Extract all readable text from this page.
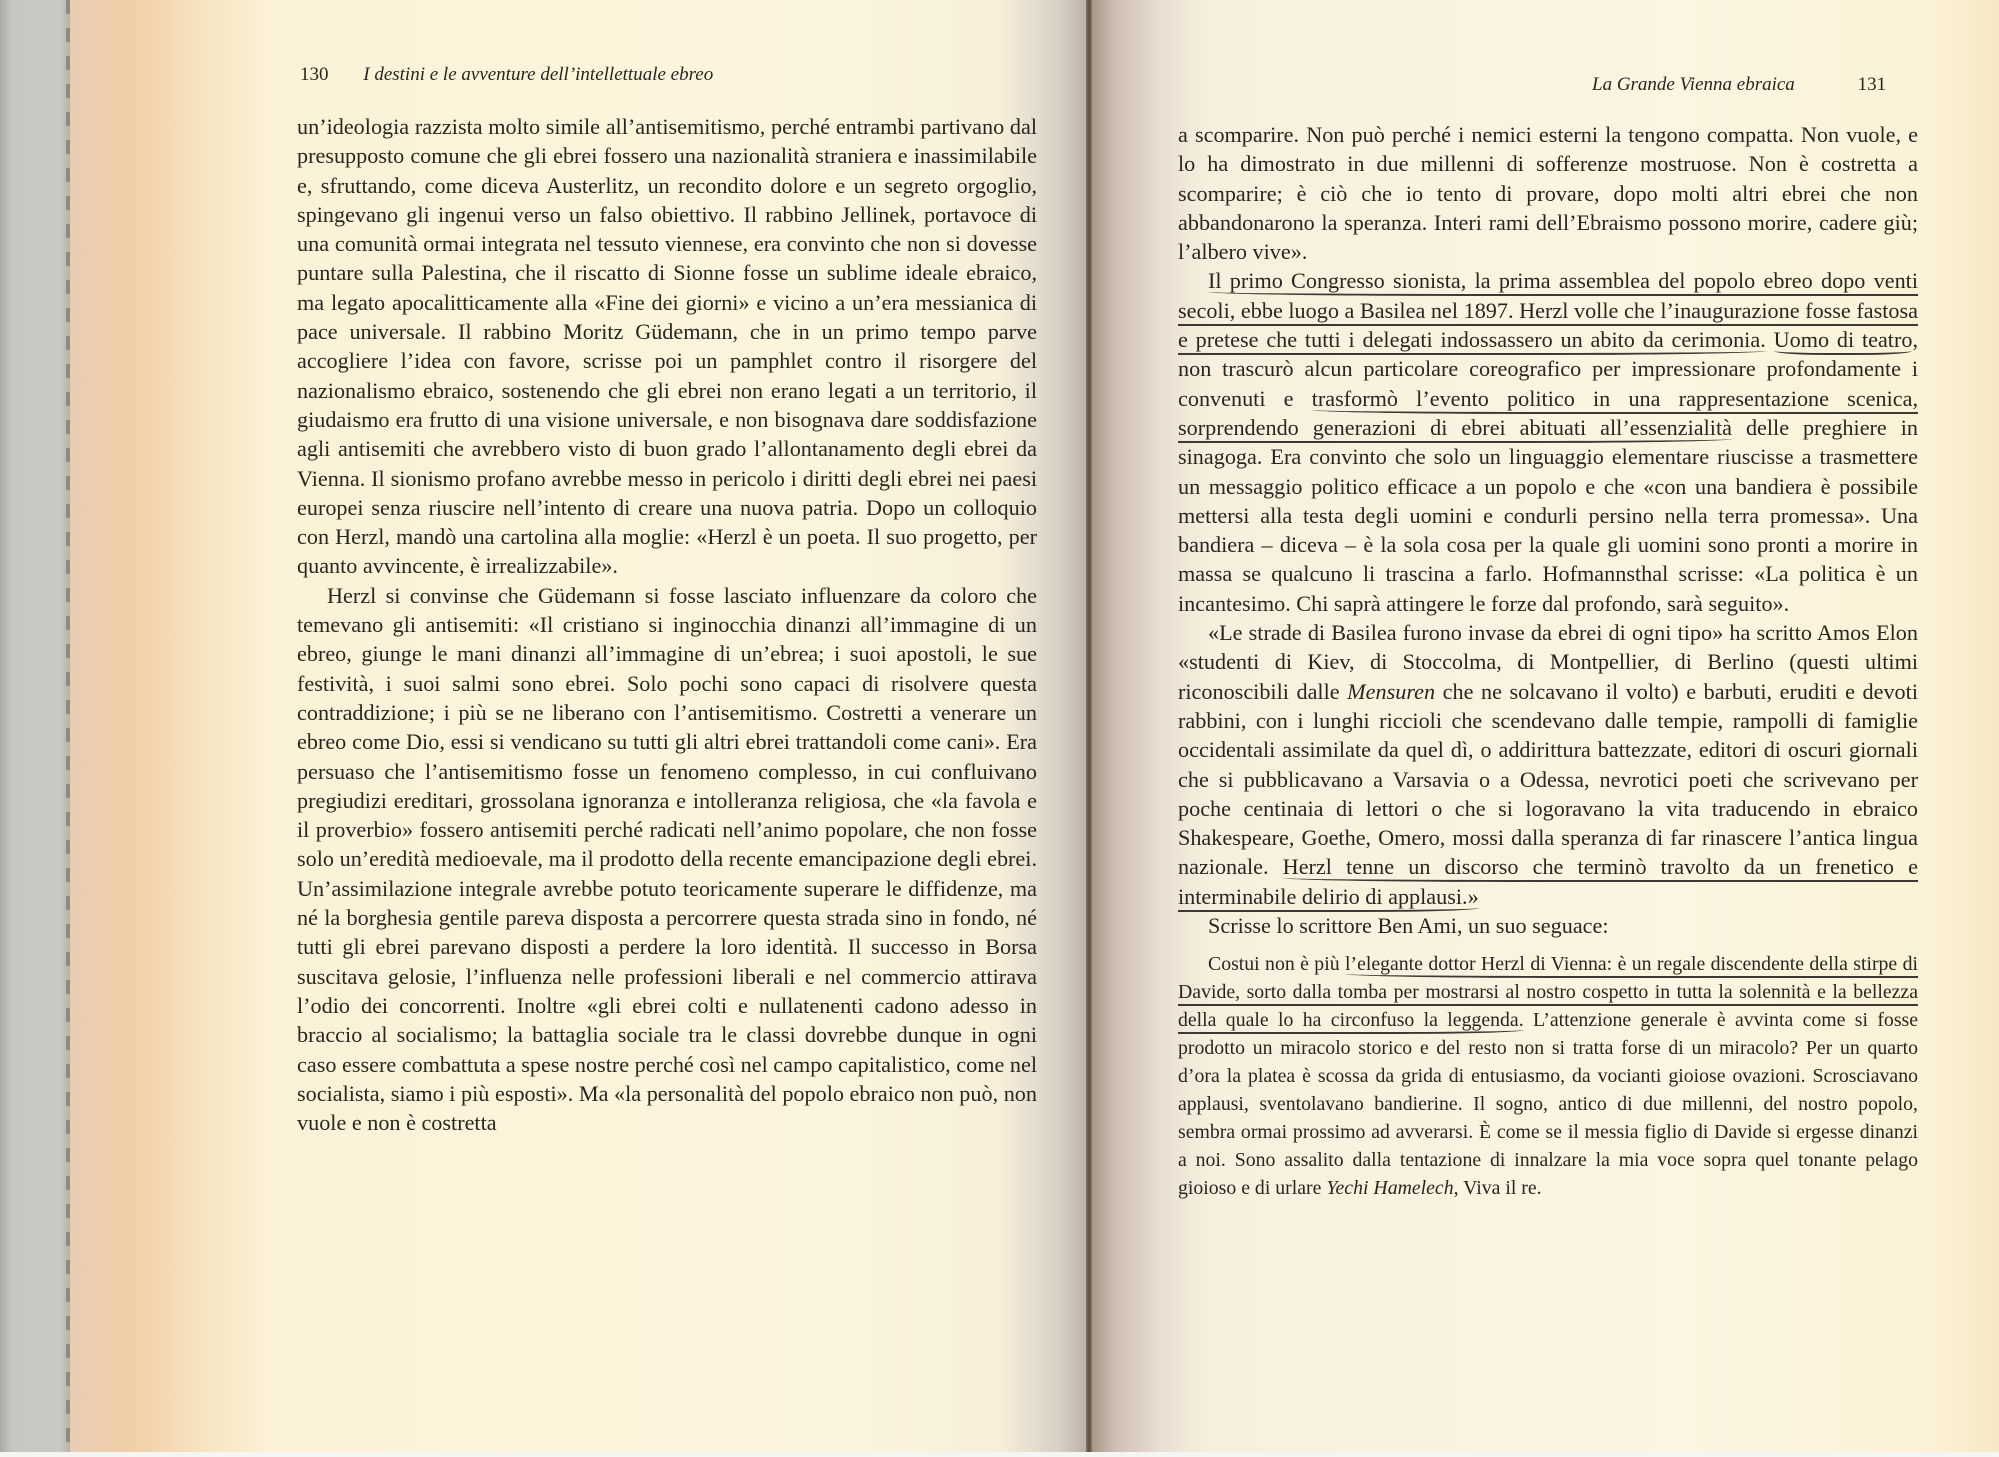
130 I destini e le avventure dell’intellettuale ebreo

un’ideologia razzista molto simile all’antisemitismo, perché entrambi partivano dal presupposto comune che gli ebrei fossero una nazionalità straniera e inassimilabile e, sfruttando, come diceva Austerlitz, un recondito dolore e un segreto orgoglio, spingevano gli ingenui verso un falso obiettivo. Il rabbino Jellinek, portavoce di una comunità ormai integrata nel tessuto viennese, era convinto che non si dovesse puntare sulla Palestina, che il riscatto di Sionne fosse un sublime ideale ebraico, ma legato apocalitticamente alla «Fine dei giorni» e vicino a un’era messianica di pace universale. Il rabbino Moritz Güdemann, che in un primo tempo parve accogliere l’idea con favore, scrisse poi un pamphlet contro il risorgere del nazionalismo ebraico, sostenendo che gli ebrei non erano legati a un territorio, il giudaismo era frutto di una visione universale, e non bisognava dare soddisfazione agli antisemiti che avrebbero visto di buon grado l’allontanamento degli ebrei da Vienna. Il sionismo profano avrebbe messo in pericolo i diritti degli ebrei nei paesi europei senza riuscire nell’intento di creare una nuova patria. Dopo un colloquio con Herzl, mandò una cartolina alla moglie: «Herzl è un poeta. Il suo progetto, per quanto avvincente, è irrealizzabile».

Herzl si convinse che Güdemann si fosse lasciato influenzare da coloro che temevano gli antisemiti: «Il cristiano si inginocchia dinanzi all’immagine di un ebreo, giunge le mani dinanzi all’immagine di un’ebrea; i suoi apostoli, le sue festività, i suoi salmi sono ebrei. Solo pochi sono capaci di risolvere questa contraddizione; i più se ne liberano con l’antisemitismo. Costretti a venerare un ebreo come Dio, essi si vendicano su tutti gli altri ebrei trattandoli come cani». Era persuaso che l’antisemitismo fosse un fenomeno complesso, in cui confluivano pregiudizi ereditari, grossolana ignoranza e intolleranza religiosa, che «la favola e il proverbio» fossero antisemiti perché radicati nell’animo popolare, che non fosse solo un’eredità medioevale, ma il prodotto della recente emancipazione degli ebrei. Un’assimilazione integrale avrebbe potuto teoricamente superare le diffidenze, ma né la borghesia gentile pareva disposta a percorrere questa strada sino in fondo, né tutti gli ebrei parevano disposti a perdere la loro identità. Il successo in Borsa suscitava gelosie, l’influenza nelle professioni liberali e nel commercio attirava l’odio dei concorrenti. Inoltre «gli ebrei colti e nullatenenti cadono adesso in braccio al socialismo; la battaglia sociale tra le classi dovrebbe dunque in ogni caso essere combattuta a spese nostre perché così nel campo capitalistico, come nel socialista, siamo i più esposti». Ma «la personalità del popolo ebraico non può, non vuole e non è costretta

La Grande Vienna ebraica	131

a scomparire. Non può perché i nemici esterni la tengono compatta. Non vuole, e lo ha dimostrato in due millenni di sofferenze mostruose. Non è costretta a scomparire; è ciò che io tento di provare, dopo molti altri ebrei che non abbandonarono la speranza. Interi rami dell’Ebraismo possono morire, cadere giù; l’albero vive».

Il primo Congresso sionista, la prima assemblea del popolo ebreo dopo venti secoli, ebbe luogo a Basilea nel 1897. Herzl volle che l’inaugurazione fosse fastosa e pretese che tutti i delegati indossassero un abito da cerimonia. Uomo di teatro, non trascurò alcun particolare coreografico per impressionare profondamente i convenuti e trasformò l’evento politico in una rappresentazione scenica, sorprendendo generazioni di ebrei abituati all’essenzialità delle preghiere in sinagoga. Era convinto che solo un linguaggio elementare riuscisse a trasmettere un messaggio politico efficace a un popolo e che «con una bandiera è possibile mettersi alla testa degli uomini e condurli persino nella terra promessa». Una bandiera – diceva – è la sola cosa per la quale gli uomini sono pronti a morire in massa se qualcuno li trascina a farlo. Hofmannsthal scrisse: «La politica è un incantesimo. Chi saprà attingere le forze dal profondo, sarà seguito».

«Le strade di Basilea furono invase da ebrei di ogni tipo» ha scritto Amos Elon «studenti di Kiev, di Stoccolma, di Montpellier, di Berlino (questi ultimi riconoscibili dalle Mensuren che ne solcavano il volto) e barbuti, eruditi e devoti rabbini, con i lunghi riccioli che scendevano dalle tempie, rampolli di famiglie occidentali assimilate da quel dì, o addirittura battezzate, editori di oscuri giornali che si pubblicavano a Varsavia o a Odessa, nevrotici poeti che scrivevano per poche centinaia di lettori o che si logoravano la vita traducendo in ebraico Shakespeare, Goethe, Omero, mossi dalla speranza di far rinascere l’antica lingua nazionale. Herzl tenne un discorso che terminò travolto da un frenetico e interminabile delirio di applausi.»

Scrisse lo scrittore Ben Ami, un suo seguace:

Costui non è più l’elegante dottor Herzl di Vienna: è un regale discendente della stirpe di Davide, sorto dalla tomba per mostrarsi al nostro cospetto in tutta la solennità e la bellezza della quale lo ha circonfuso la leggenda. L’attenzione generale è avvinta come si fosse prodotto un miracolo storico e del resto non si tratta forse di un miracolo? Per un quarto d’ora la platea è scossa da grida di entusiasmo, da vocianti gioiose ovazioni. Scrosciavano applausi, sventolavano bandierine. Il sogno, antico di due millenni, del nostro popolo, sembra ormai prossimo ad avverarsi. È come se il messia figlio di Davide si ergesse dinanzi a noi. Sono assalito dalla tentazione di innalzare la mia voce sopra quel tonante pelago gioioso e di urlare Yechi Hamelech, Viva il re.
